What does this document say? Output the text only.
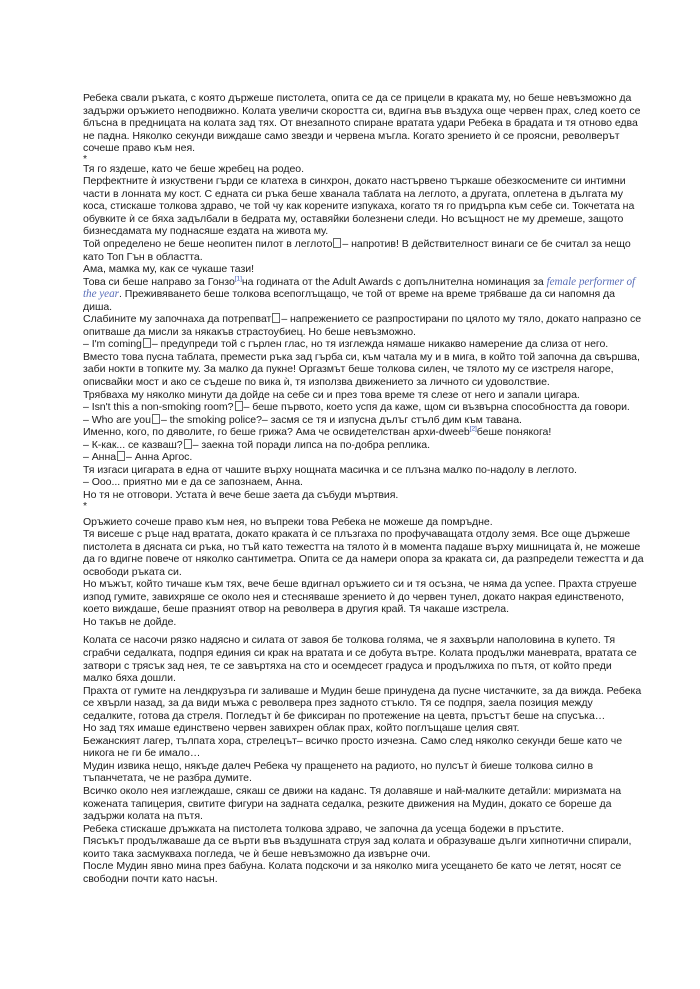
Ребека свали ръката, с която държеше пистолета, опита се да се прицели в краката му, но беше невъзможно да задържи оръжието неподвижно. Колата увеличи скоростта си, вдигна във въздуха още червен прах, след което се блъсна в предницата на колата зад тях. От внезапното спиране вратата удари Ребека в брадата и тя отново едва не падна. Няколко секунди виждаше само звезди и червена мъгла. Когато зрението ѝ се проясни, револверът сочеше право към нея.

*

Тя го яздеше, като че беше жребец на родео.

Перфектните ѝ изкуствени гърди се клатеха в синхрон, докато настървено търкаше обезкосмените си интимни части в лонната му кост. С едната си ръка беше хванала таблата на леглото, а другата, оплетена в дългата му коса, стискаше толкова здраво, че той чу как корените изпукаха, когато тя го придърпа към себе си. Токчетата на обувките ѝ се бяха задълбали в бедрата му, оставяйки болезнени следи. Но всъщност не му дремеше, защото бизнесдамата му поднасяше ездата на живота му.

Той определено не беше неопитен пилот в леглото – напротив! В действителност винаги се бе считал за нещо като Топ Гън в областта.

Ама, мамка му, как се чукаше тази!

Това си беше направо за Гонзо[1]на годината от the Adult Awards с допълнителна номинация за female performer of the year. Преживяването беше толкова всепоглъщащо, че той от време на време трябваше да си напомня да диша.

Слабините му започнаха да потрепват – напрежението се разпростирани по цялото му тяло, докато напразно се опитваше да мисли за някакъв страстоубиец. Но беше невъзможно.

– I'm coming – предупреди той с гърлен глас, но тя изглежда нямаше никакво намерение да слиза от него. Вместо това пусна таблата, премести ръка зад гърба си, към чатала му и в мига, в който той започна да свършва, заби нокти в топките му. За малко да пукне! Оргазмът беше толкова силен, че тялото му се изстреля нагоре, описвайки мост и ако се съдеше по вика ѝ, тя използва движението за личното си удоволствие.

Трябваха му няколко минути да дойде на себе си и през това време тя слезе от него и запали цигара.

– Isn't this a non-smoking room? – беше първото, което успя да каже, щом си възвърна способността да говори.

– Who are you – the smoking police?– засмя се тя и изпусна дълъг стълб дим към тавана.

Именно, кого, по дяволите, го беше грижа? Ама че освидетелстван архи-dweeb[2]беше понякога!

– К-как... се казваш? – заекна той поради липса на по-добра реплика.

– Анна – Анна Аргос.

Тя изгаси цигарата в една от чашите върху нощната масичка и се плъзна малко по-надолу в леглото.

– Ооо... приятно ми е да се запознаем, Анна.

Но тя не отговори. Устата ѝ вече беше заета да събуди мъртвия.

*

Оръжието сочеше право към нея, но въпреки това Ребека не можеше да помръдне.

Тя висеше с ръце над вратата, докато краката ѝ се плъзгаха по профучаващата отдолу земя. Все още държеше пистолета в дясната си ръка, но тъй като тежестта на тялото ѝ в момента падаше върху мишницата ѝ, не можеше да го вдигне повече от няколко сантиметра. Опита се да намери опора за краката си, да разпредели тежестта и да освободи ръката си.

Но мъжът, който тичаше към тях, вече беше вдигнал оръжието си и тя осъзна, че няма да успее. Прахта струеше изпод гумите, завихряше се около нея и стесняваше зрението ѝ до червен тунел, докато накрая единственото, което виждаше, беше празният отвор на револвера в другия край. Тя чакаше изстрела.

Но такъв не дойде.

Колата се насочи рязко надясно и силата от завоя бе толкова голяма, че я захвърли наполовина в купето. Тя сграбчи седалката, подпря единия си крак на вратата и се добута вътре. Колата продължи маневрата, вратата се затвори с трясък зад нея, те се завъртяха на сто и осемдесет градуса и продължиха по пътя, от който преди малко бяха дошли.

Прахта от гумите на лендкрузъра ги заливаше и Мудин беше принудена да пусне чистачките, за да вижда. Ребека се хвърли назад, за да види мъжа с револвера през задното стъкло. Тя се подпря, заела позиция между седалките, готова да стреля. Погледът ѝ бе фиксиран по протежение на цевта, пръстът беше на спусъка…

Но зад тях имаше единствено червен завихрен облак прах, който поглъщаше целия свят.

Бежанският лагер, тълпата хора, стрелецът– всичко просто изчезна. Само след няколко секунди беше като че никога не ги бе имало…

Мудин извика нещо, някъде далеч Ребека чу пращенето на радиото, но пулсът ѝ биеше толкова силно в тъпанчетата, че не разбра думите.

Всичко около нея изглеждаше, сякаш се движи на каданс. Тя долавяше и най-малките детайли: миризмата на кожената тапицерия, свитите фигури на задната седалка, резките движения на Мудин, докато се бореше да задържи колата на пътя.

Ребека стискаше дръжката на пистолета толкова здраво, че започна да усеща бодежи в пръстите.

Пясъкът продължаваше да се върти във въздушната струя зад колата и образуваше дълги хипнотични спирали, които така засмукваха погледа, че ѝ беше невъзможно да извърне очи.

После Мудин явно мина през бабуна. Колата подскочи и за няколко мига усещането бе като че летят, носят се свободни почти като насън.
